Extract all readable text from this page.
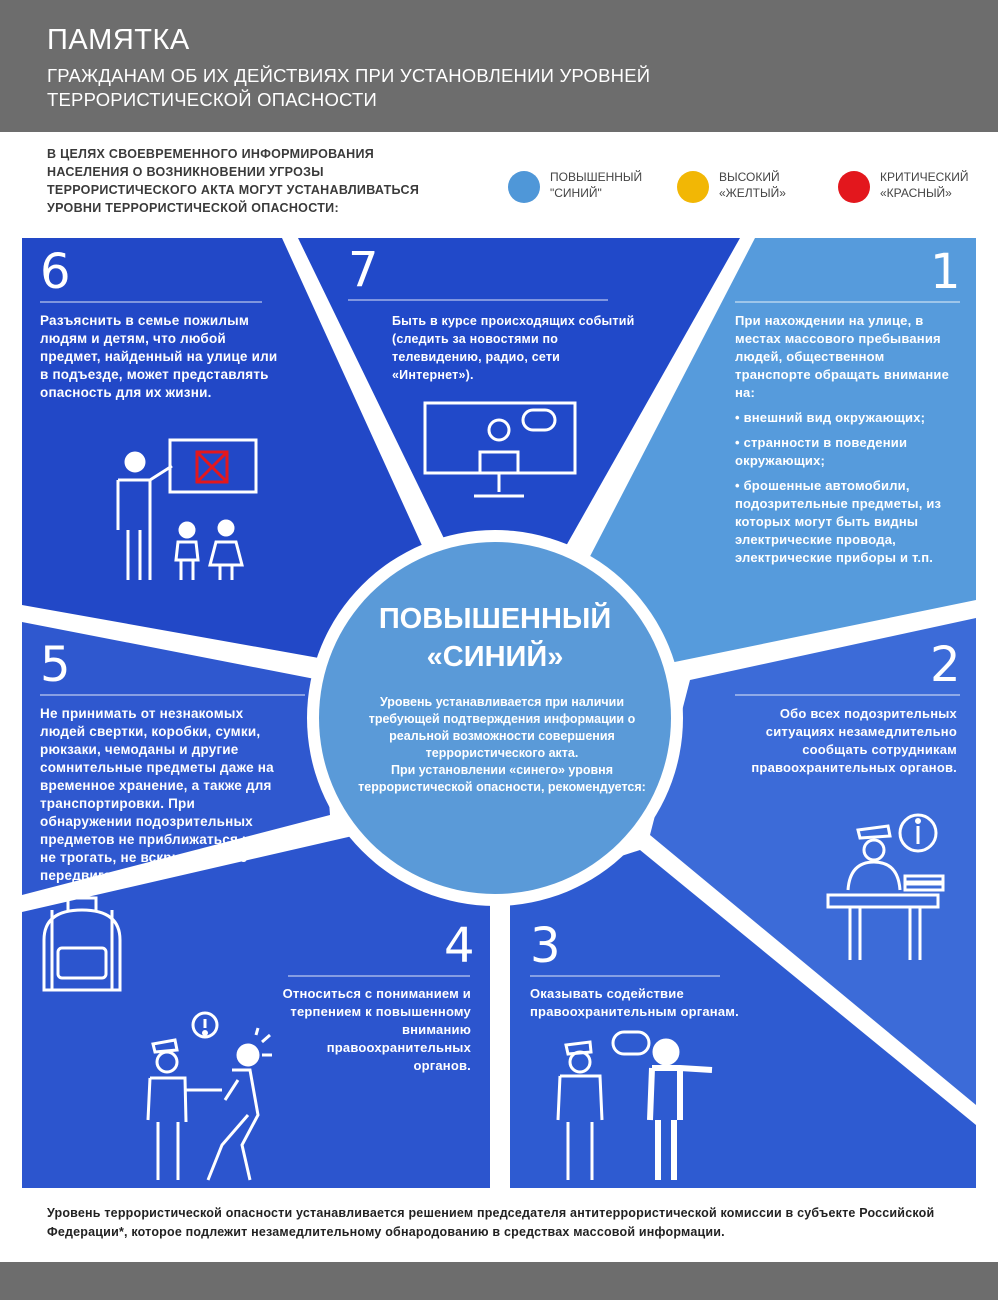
ПАМЯТКА
ГРАЖДАНАМ ОБ ИХ ДЕЙСТВИЯХ ПРИ УСТАНОВЛЕНИИ УРОВНЕЙ ТЕРРОРИСТИЧЕСКОЙ ОПАСНОСТИ
В ЦЕЛЯХ СВОЕВРЕМЕННОГО ИНФОРМИРОВАНИЯ НАСЕЛЕНИЯ О ВОЗНИКНОВЕНИИ УГРОЗЫ ТЕРРОРИСТИЧЕСКОГО АКТА МОГУТ УСТАНАВЛИВАТЬСЯ УРОВНИ ТЕРРОРИСТИЧЕСКОЙ ОПАСНОСТИ:
ПОВЫШЕННЫЙ
"СИНИЙ"
ВЫСОКИЙ
«ЖЕЛТЫЙ»
КРИТИЧЕСКИЙ
«КРАСНЫЙ»
6	7	1
5	2
4 3
Разъяснить в семье пожилым людям и детям, что любой предмет, найденный на улице или в подъезде, может представлять опасность для их жизни.
Быть в курсе происходящих событий (следить за новостями по телевидению, радио, сети «Интернет»).

При нахождении на улице, в местах массового пребывания людей, общественном транспорте обращать внимание на:

• внешний вид окружающих;

• странности в поведении окружающих;

• брошенные автомобили, подозрительные предметы, из которых могут быть видны электрические провода, электрические приборы и т.п.

Не принимать от незнакомых людей свертки, коробки, сумки, рюкзаки, чемоданы и другие сомнительные предметы даже на временное хранение, а также для транспортировки. При обнаружении подозрительных предметов не приближаться к ним, не трогать, не вскрывать и не передвигать.
Обо всех подозрительных ситуациях незамедлительно сообщать сотрудникам правоохранительных органов.
Относиться с пониманием и терпением к повышенному вниманию правоохранительных органов.
Оказывать содействие правоохранительным органам.
ПОВЫШЕННЫЙ
«СИНИЙ»
Уровень устанавливается при наличии требующей подтверждения информации о реальной возможности совершения террористического акта.
При установлении «синего» уровня террористической опасности, рекомендуется:
Уровень террористической опасности устанавливается решением председателя антитеррористической комиссии в субъекте Российской Федерации*, которое подлежит незамедлительному обнародованию в средствах массовой информации.
